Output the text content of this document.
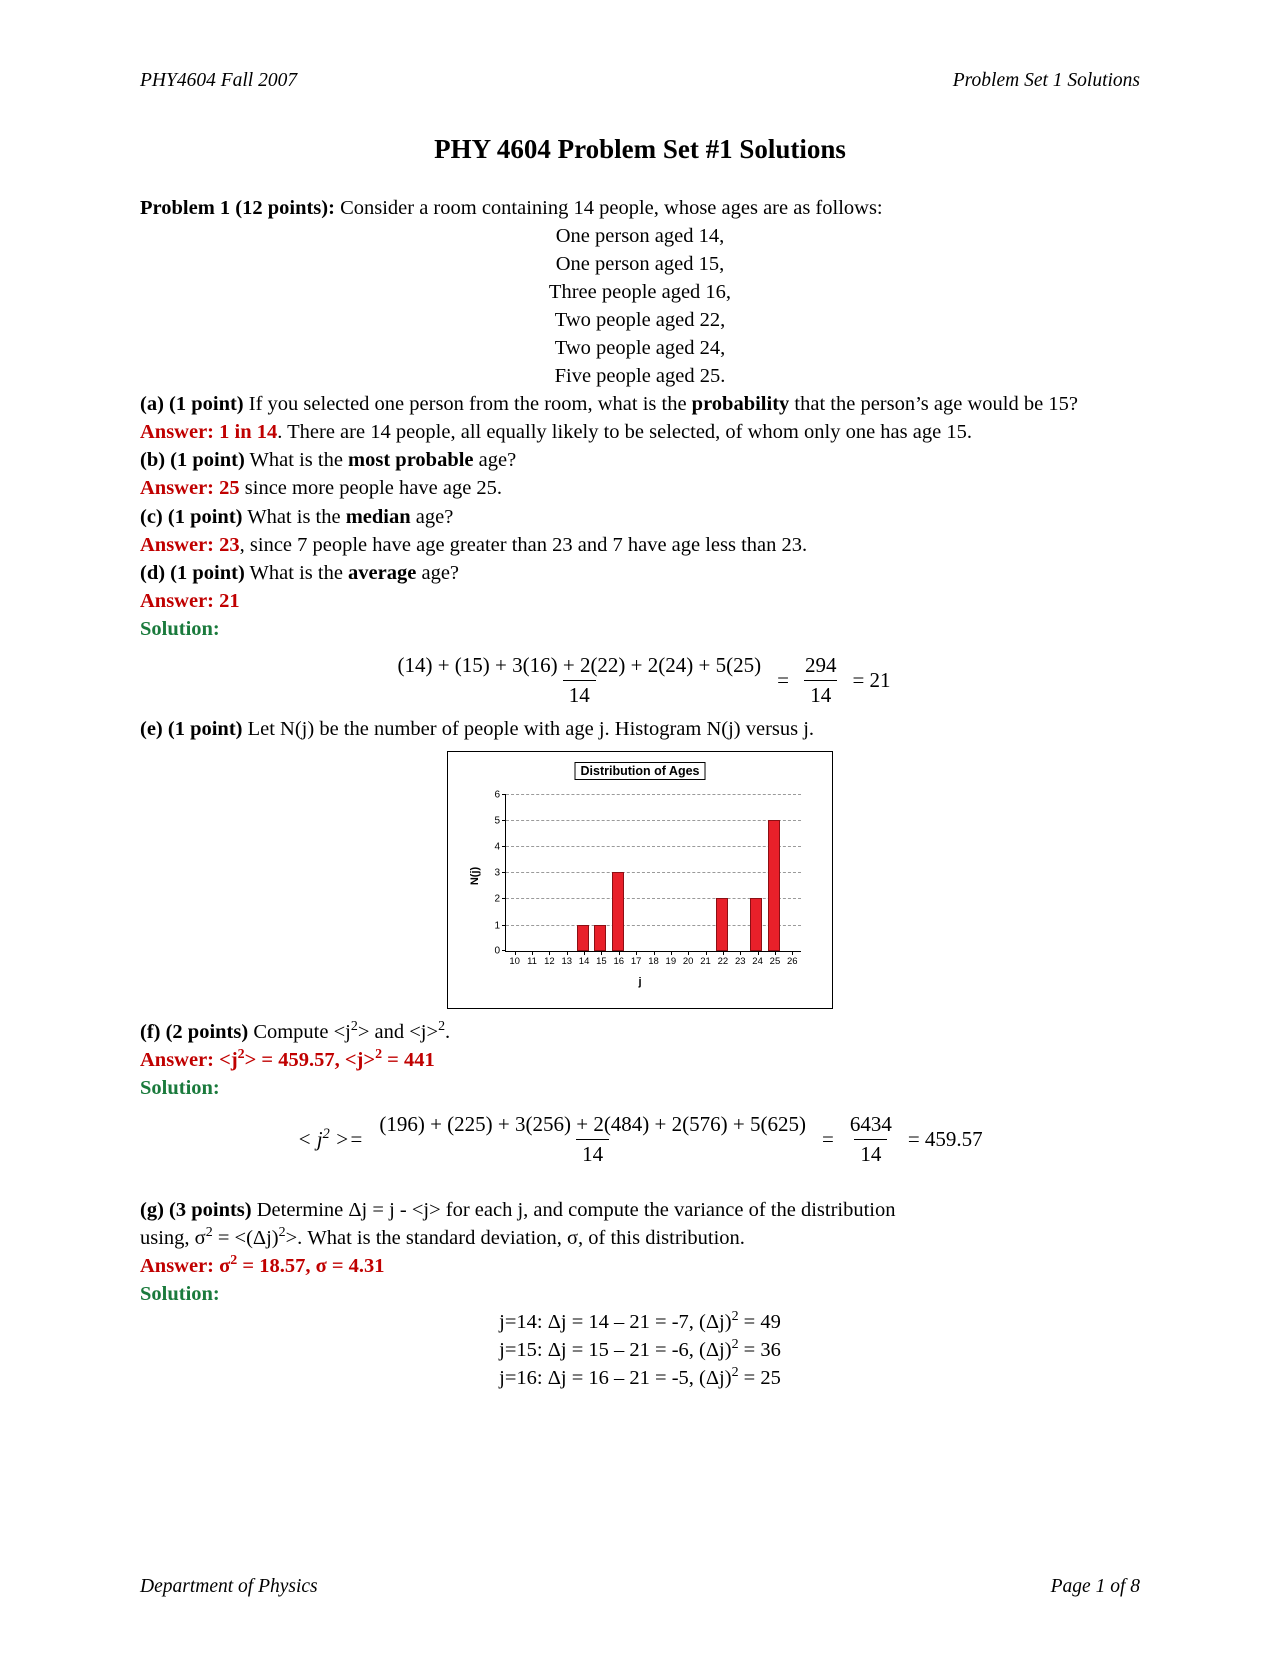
PHY4604 Fall 2007	Problem Set 1 Solutions
PHY 4604 Problem Set #1 Solutions

Problem 1 (12 points): Consider a room containing 14 people, whose ages are as follows:

One person aged 14,

One person aged 15,

Three people aged 16,

Two people aged 22,

Two people aged 24,

Five people aged 25.

(a) (1 point) If you selected one person from the room, what is the probability that the person’s age would be 15?

Answer: 1 in 14. There are 14 people, all equally likely to be selected, of whom only one has age 15.

(b) (1 point) What is the most probable age?

Answer: 25 since more people have age 25.

(c) (1 point) What is the median age?

Answer: 23, since 7 people have age greater than 23 and 7 have age less than 23.

(d) (1 point) What is the average age?

Answer: 21

Solution:

$\frac{(14) + (15) + 3(16) + 2(22) + 2(24) + 5(25)}{14} = \frac{294}{14} = 21$

(e) (1 point) Let N(j) be the number of people with age j. Histogram N(j) versus j.

Distribution of Ages
6
5
4
3
2
1
0
10 11 12 13 14 15 16 17 18 19 20 21 22 23 24 25 26
N(j)
j

(f) (2 points) Compute $<j^2>$ and <j>$^2$.

Answer: $<j^2> = 459.57$, <j>$^2$ = 441

Solution:

< $j^2 >= \frac{(196) + (225) + 3(256) + 2(484) + 2(576) + 5(625)}{14} = \frac{6434}{14} = 459.57$

(g) (3 points) Determine Δj = j - <j> for each j, and compute the variance of the distribution

using, $\sigma^2 = <(\Delta j)^2>$. What is the standard deviation, σ, of this distribution.

Answer: $\sigma^2 = 18.57$, σ = 4.31

Solution:

j=14: Δj = 14 – 21 = -7, $(\Delta j)^2 = 49$

j=15: Δj = 15 – 21 = -6, $(\Delta j)^2 = 36$

j=16: Δj = 16 – 21 = -5, $(\Delta j)^2 = 25$

Department of Physics	Page 1 of 8
